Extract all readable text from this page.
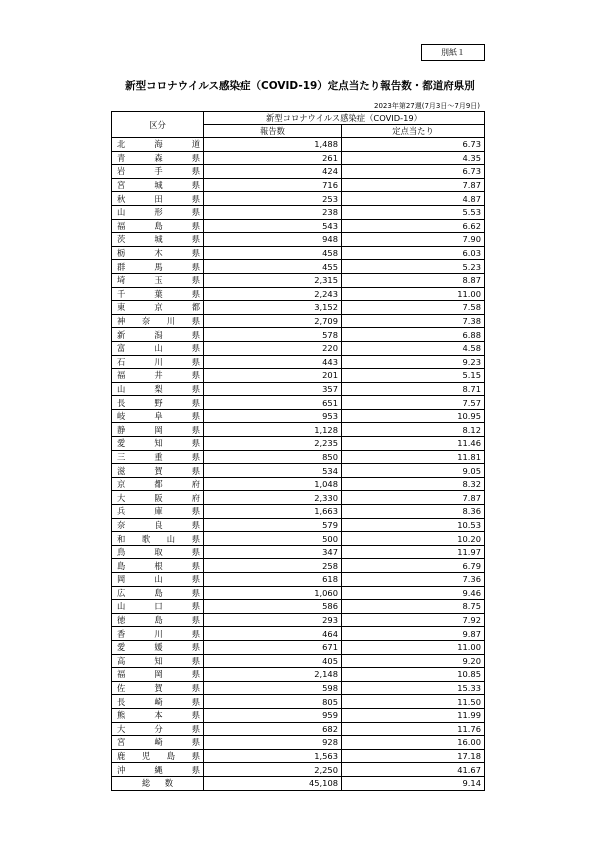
別紙１
新型コロナウイルス感染症（COVID-19）定点当たり報告数・都道府県別
2023年第27週(7月3日～7月9日)
区分	新型コロナウイルス感染症（COVID-19）	
	報告数	定点当たり
北海道	1,488	6.73
青森県	261	4.35
岩手県	424	6.73
宮城県	716	7.87
秋田県	253	4.87
山形県	238	5.53
福島県	543	6.62
茨城県	948	7.90
栃木県	458	6.03
群馬県	455	5.23
埼玉県	2,315	8.87
千葉県	2,243	11.00
東京都	3,152	7.58
神奈川県	2,709	7.38
新潟県	578	6.88
富山県	220	4.58
石川県	443	9.23
福井県	201	5.15
山梨県	357	8.71
長野県	651	7.57
岐阜県	953	10.95
静岡県	1,128	8.12
愛知県	2,235	11.46
三重県	850	11.81
滋賀県	534	9.05
京都府	1,048	8.32
大阪府	2,330	7.87
兵庫県	1,663	8.36
奈良県	579	10.53
和歌山県	500	10.20
鳥取県	347	11.97
島根県	258	6.79
岡山県	618	7.36
広島県	1,060	9.46
山口県	586	8.75
徳島県	293	7.92
香川県	464	9.87
愛媛県	671	11.00
高知県	405	9.20
福岡県	2,148	10.85
佐賀県	598	15.33
長崎県	805	11.50
熊本県	959	11.99
大分県	682	11.76
宮崎県	928	16.00
鹿児島県	1,563	17.18
沖縄県	2,250	41.67
総数	45,108	9.14
